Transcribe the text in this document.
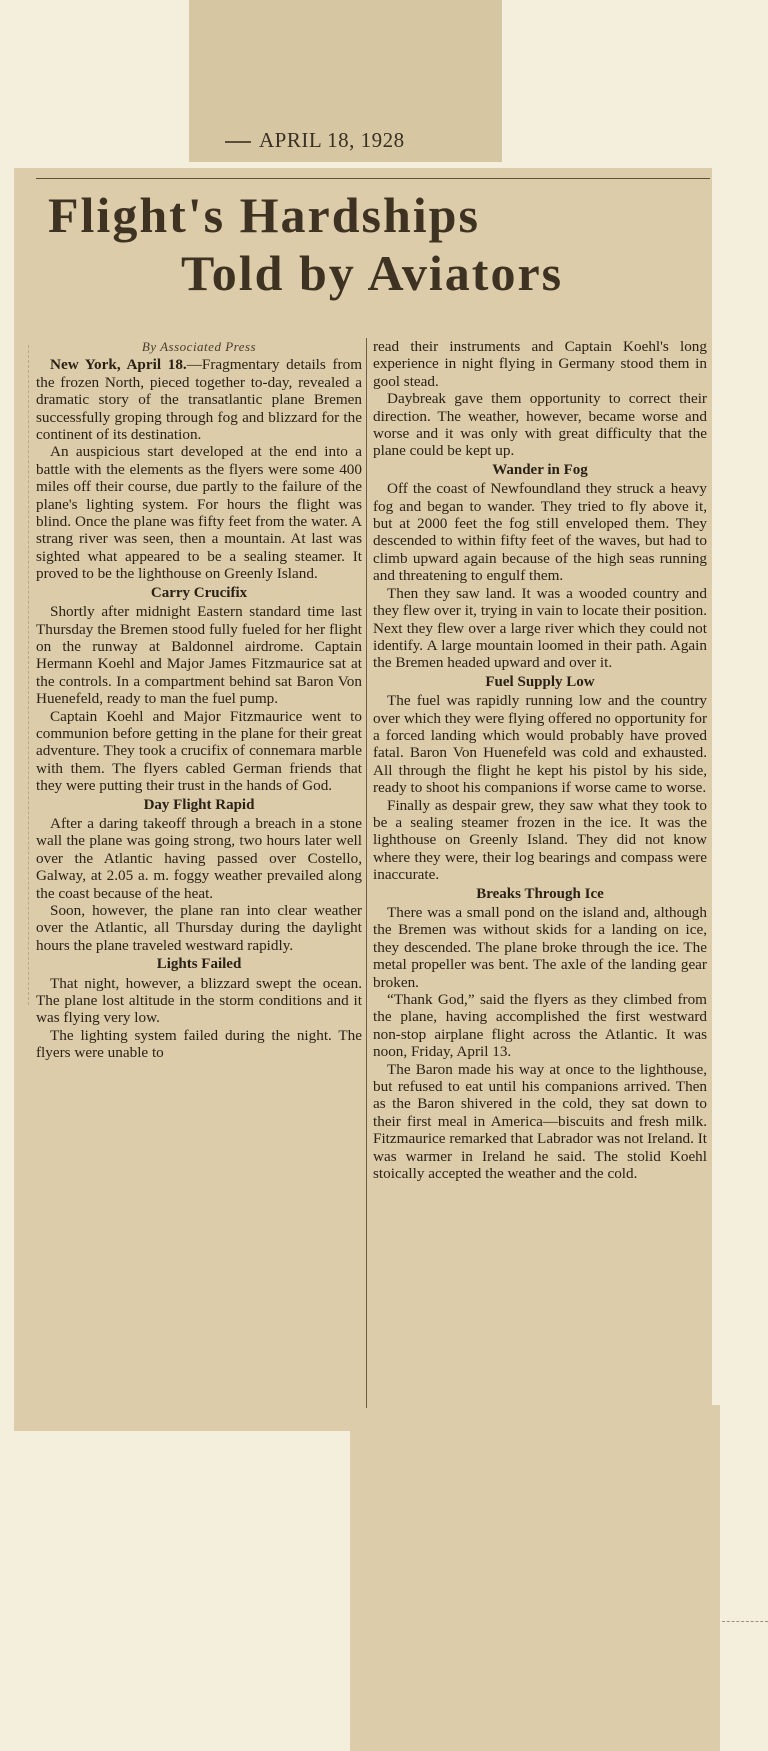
APRIL 18, 1928
Flight's Hardships
Told by Aviators
By Associated Press

New York, April 18.—Fragmentary details from the frozen North, pieced together to-day, revealed a dramatic story of the transatlantic plane Bremen successfully groping through fog and blizzard for the continent of its destination.

An auspicious start developed at the end into a battle with the elements as the flyers were some 400 miles off their course, due partly to the failure of the plane's lighting system. For hours the flight was blind. Once the plane was fifty feet from the water. A strang river was seen, then a mountain. At last was sighted what appeared to be a sealing steamer. It proved to be the lighthouse on Greenly Island.

Carry Crucifix

Shortly after midnight Eastern standard time last Thursday the Bremen stood fully fueled for her flight on the runway at Baldonnel airdrome. Captain Hermann Koehl and Major James Fitzmaurice sat at the controls. In a compartment behind sat Baron Von Huenefeld, ready to man the fuel pump.

Captain Koehl and Major Fitzmaurice went to communion before getting in the plane for their great adventure. They took a crucifix of connemara marble with them. The flyers cabled German friends that they were putting their trust in the hands of God.

Day Flight Rapid

After a daring takeoff through a breach in a stone wall the plane was going strong, two hours later well over the Atlantic having passed over Costello, Galway, at 2.05 a. m. foggy weather prevailed along the coast because of the heat.

Soon, however, the plane ran into clear weather over the Atlantic, all Thursday during the daylight hours the plane traveled westward rapidly.

Lights Failed

That night, however, a blizzard swept the ocean. The plane lost altitude in the storm conditions and it was flying very low.

The lighting system failed during the night. The flyers were unable to

read their instruments and Captain Koehl's long experience in night flying in Germany stood them in gool stead.

Daybreak gave them opportunity to correct their direction. The weather, however, became worse and worse and it was only with great difficulty that the plane could be kept up.

Wander in Fog

Off the coast of Newfoundland they struck a heavy fog and began to wander. They tried to fly above it, but at 2000 feet the fog still enveloped them. They descended to within fifty feet of the waves, but had to climb upward again because of the high seas running and threatening to engulf them.

Then they saw land. It was a wooded country and they flew over it, trying in vain to locate their position. Next they flew over a large river which they could not identify. A large mountain loomed in their path. Again the Bremen headed upward and over it.

Fuel Supply Low

The fuel was rapidly running low and the country over which they were flying offered no opportunity for a forced landing which would probably have proved fatal. Baron Von Huenefeld was cold and exhausted. All through the flight he kept his pistol by his side, ready to shoot his companions if worse came to worse.

Finally as despair grew, they saw what they took to be a sealing steamer frozen in the ice. It was the lighthouse on Greenly Island. They did not know where they were, their log bearings and compass were inaccurate.

Breaks Through Ice

There was a small pond on the island and, although the Bremen was without skids for a landing on ice, they descended. The plane broke through the ice. The metal propeller was bent. The axle of the landing gear broken.

“Thank God,” said the flyers as they climbed from the plane, having accomplished the first westward non-stop airplane flight across the Atlantic. It was noon, Friday, April 13.

The Baron made his way at once to the lighthouse, but refused to eat until his companions arrived. Then as the Baron shivered in the cold, they sat down to their first meal in America—biscuits and fresh milk. Fitzmaurice remarked that Labrador was not Ireland. It was warmer in Ireland he said. The stolid Koehl stoically accepted the weather and the cold.
